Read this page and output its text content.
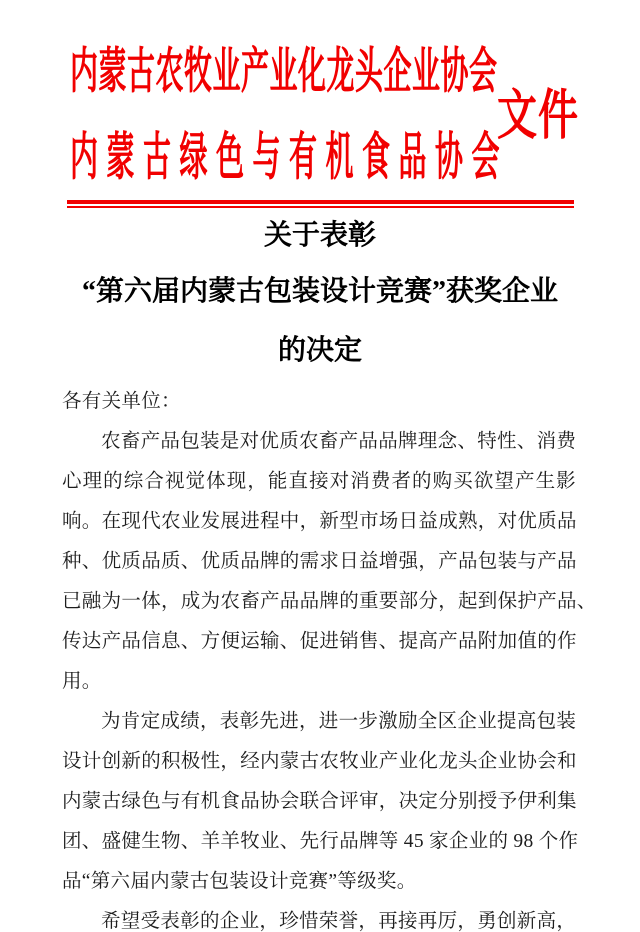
内蒙古农牧业产业化龙头企业协会
文件
内蒙古绿色与有机食品协会
关于表彰
“第六届内蒙古包装设计竞赛”获奖企业
的决定
各有关单位：
农畜产品包装是对优质农畜产品品牌理念、特性、消费
心理的综合视觉体现，能直接对消费者的购买欲望产生影
响。在现代农业发展进程中，新型市场日益成熟，对优质品
种、优质品质、优质品牌的需求日益增强，产品包装与产品
已融为一体，成为农畜产品品牌的重要部分，起到保护产品、
传达产品信息、方便运输、促进销售、提高产品附加值的作
用。
为肯定成绩，表彰先进，进一步激励全区企业提高包装
设计创新的积极性，经内蒙古农牧业产业化龙头企业协会和
内蒙古绿色与有机食品协会联合评审，决定分别授予伊利集
团、盛健生物、羊羊牧业、先行品牌等 45 家企业的 98 个作
品“第六届内蒙古包装设计竞赛”等级奖。
希望受表彰的企业，珍惜荣誉，再接再厉，勇创新高，
